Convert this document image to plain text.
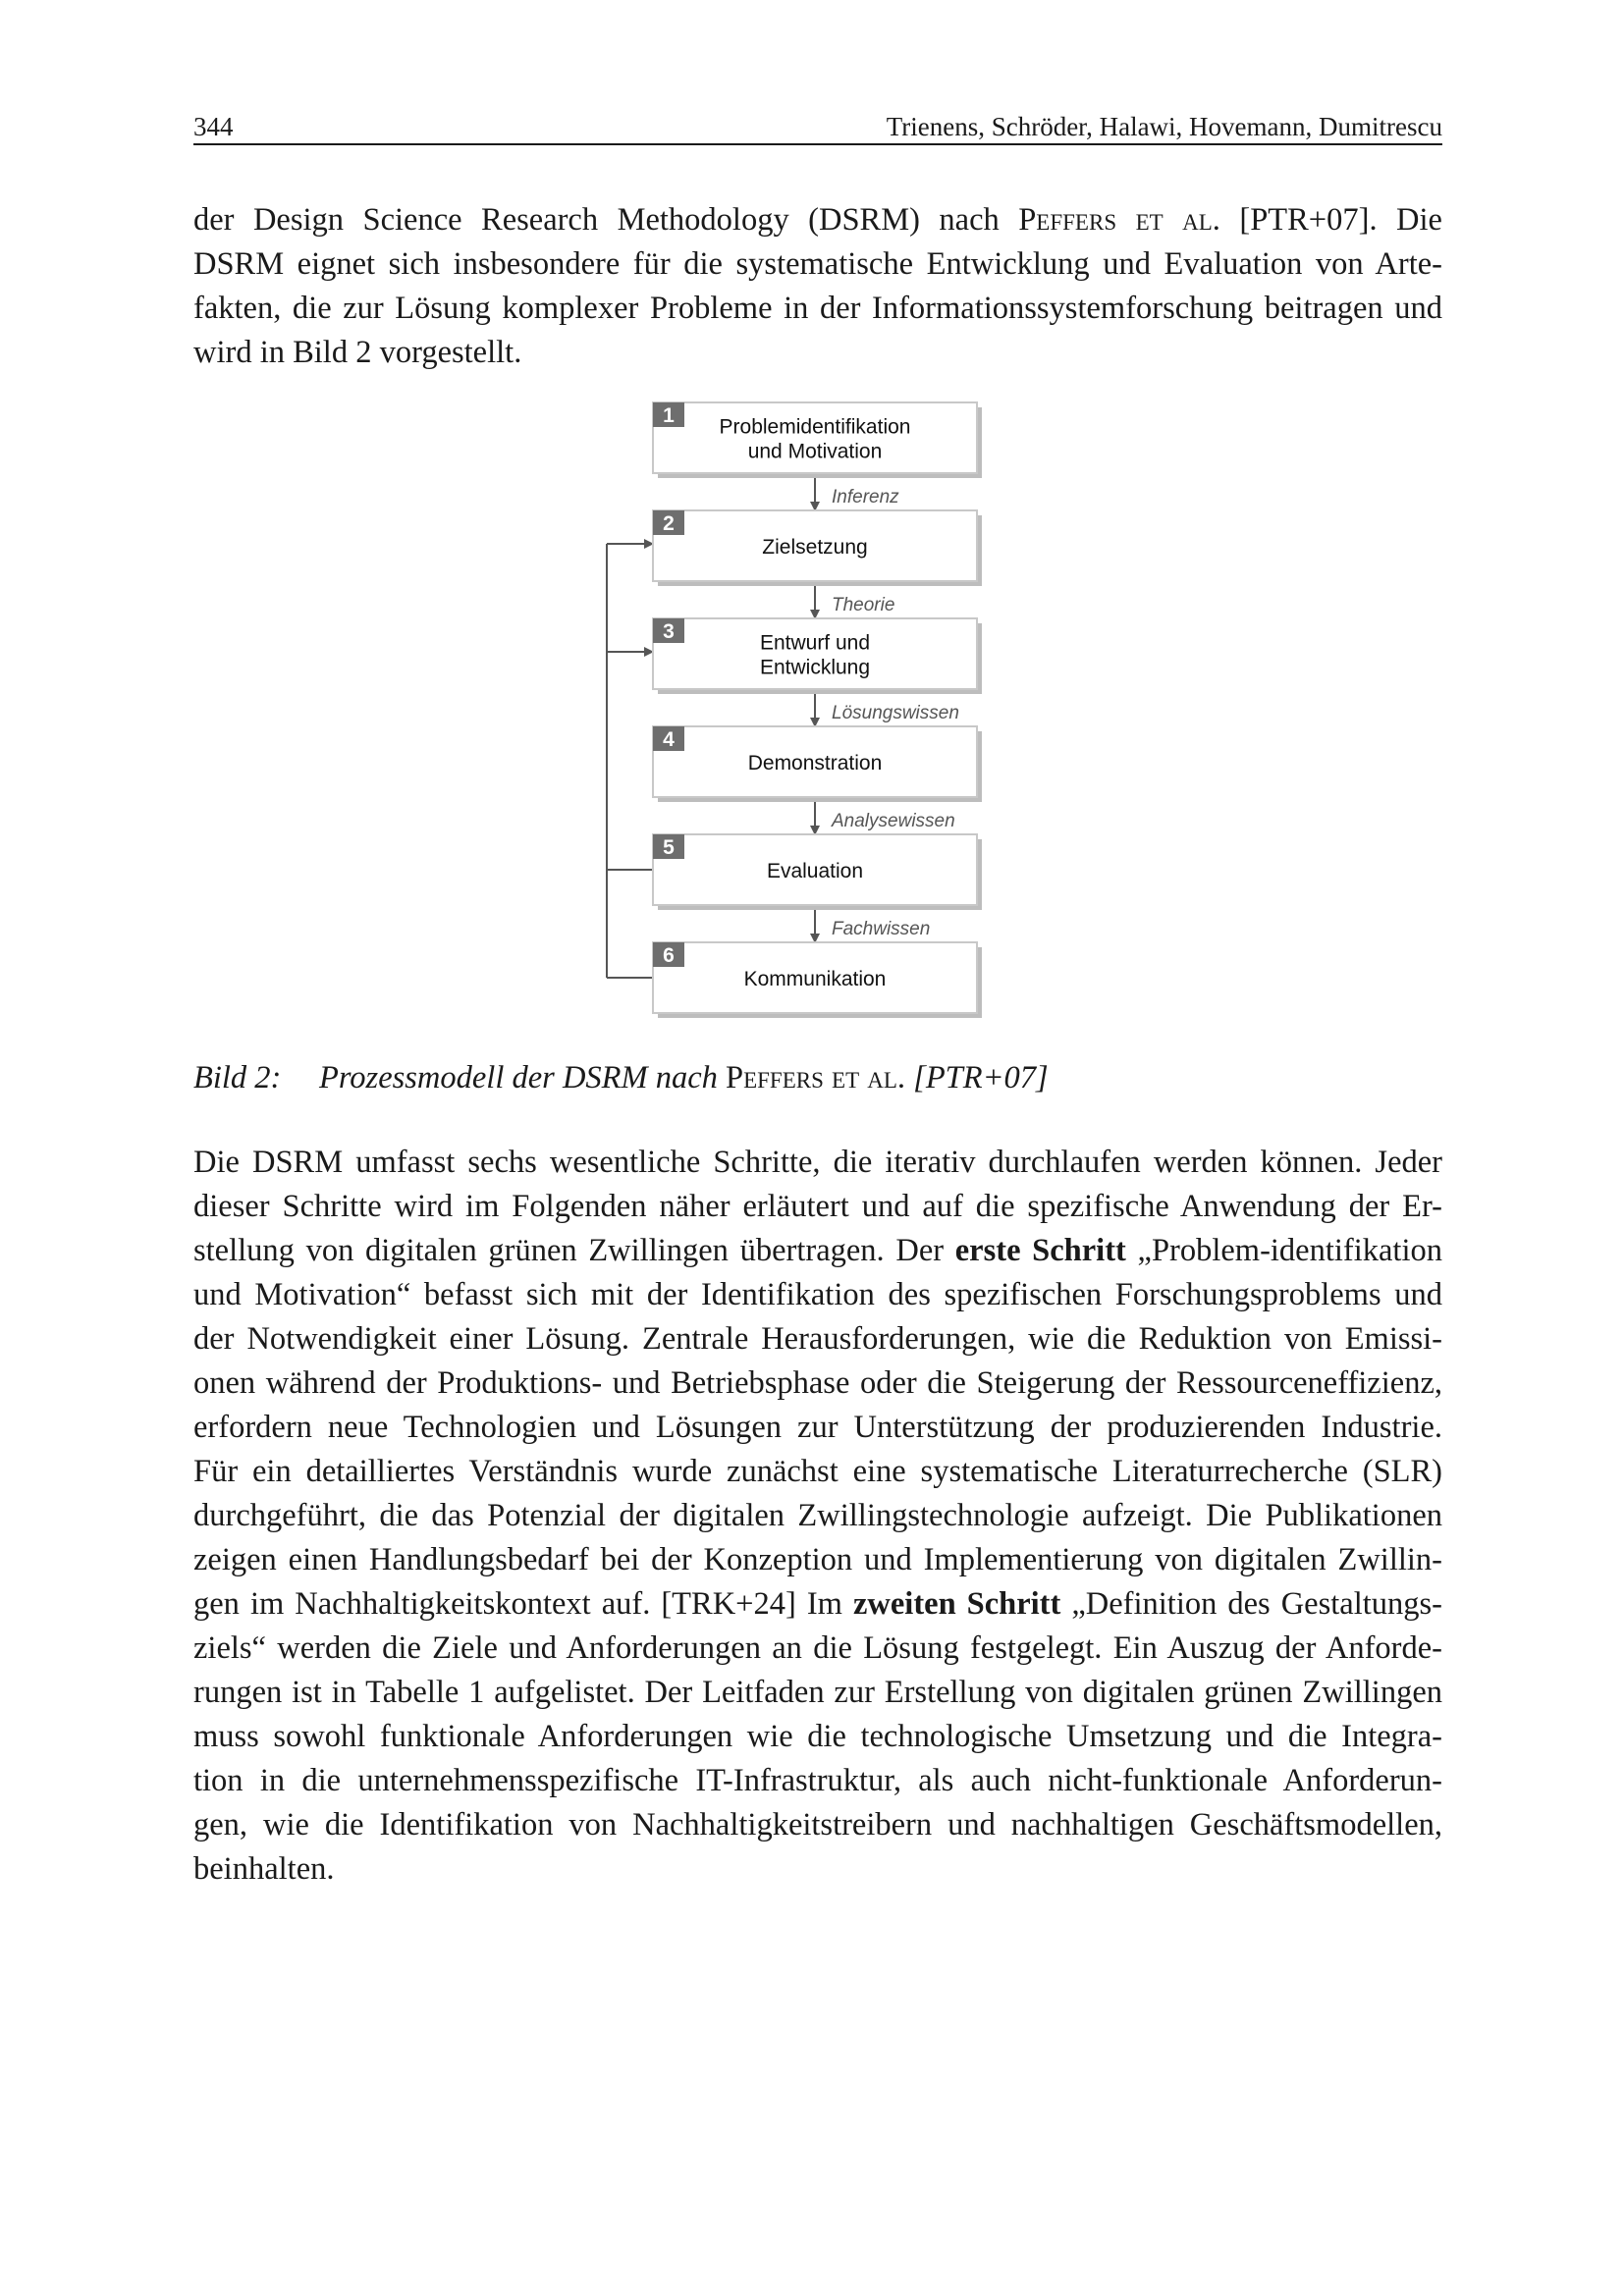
344	Trienens, Schröder, Halawi, Hovemann, Dumitrescu
der Design Science Research Methodology (DSRM) nach Peffers et al. [PTR+07]. Die
DSRM eignet sich insbesondere für die systematische Entwicklung und Evaluation von Arte-
fakten, die zur Lösung komplexer Probleme in der Informationssystemforschung beitragen und
wird in Bild 2 vorgestellt.
Inferenz
Theorie
Lösungswissen
Analysewissen
Fachwissen
1 Problemidentifikation
und Motivation
2
Zielsetzung
3	Entwurf und
Entwicklung
4
Demonstration
5
Evaluation
6
Kommunikation
Bild 2: Prozessmodell der DSRM nach Peffers et al. [PTR+07]
Die DSRM umfasst sechs wesentliche Schritte, die iterativ durchlaufen werden können. Jeder
dieser Schritte wird im Folgenden näher erläutert und auf die spezifische Anwendung der Er-
stellung von digitalen grünen Zwillingen übertragen. Der erste Schritt „Problem-identifikation
und Motivation“ befasst sich mit der Identifikation des spezifischen Forschungsproblems und
der Notwendigkeit einer Lösung. Zentrale Herausforderungen, wie die Reduktion von Emissi-
onen während der Produktions- und Betriebsphase oder die Steigerung der Ressourceneffizienz,
erfordern neue Technologien und Lösungen zur Unterstützung der produzierenden Industrie.
Für ein detailliertes Verständnis wurde zunächst eine systematische Literaturrecherche (SLR)
durchgeführt, die das Potenzial der digitalen Zwillingstechnologie aufzeigt. Die Publikationen
zeigen einen Handlungsbedarf bei der Konzeption und Implementierung von digitalen Zwillin-
gen im Nachhaltigkeitskontext auf. [TRK+24] Im zweiten Schritt „Definition des Gestaltungs-
ziels“ werden die Ziele und Anforderungen an die Lösung festgelegt. Ein Auszug der Anforde-
rungen ist in Tabelle 1 aufgelistet. Der Leitfaden zur Erstellung von digitalen grünen Zwillingen
muss sowohl funktionale Anforderungen wie die technologische Umsetzung und die Integra-
tion in die unternehmensspezifische IT-Infrastruktur, als auch nicht-funktionale Anforderun-
gen, wie die Identifikation von Nachhaltigkeitstreibern und nachhaltigen Geschäftsmodellen,
beinhalten.
